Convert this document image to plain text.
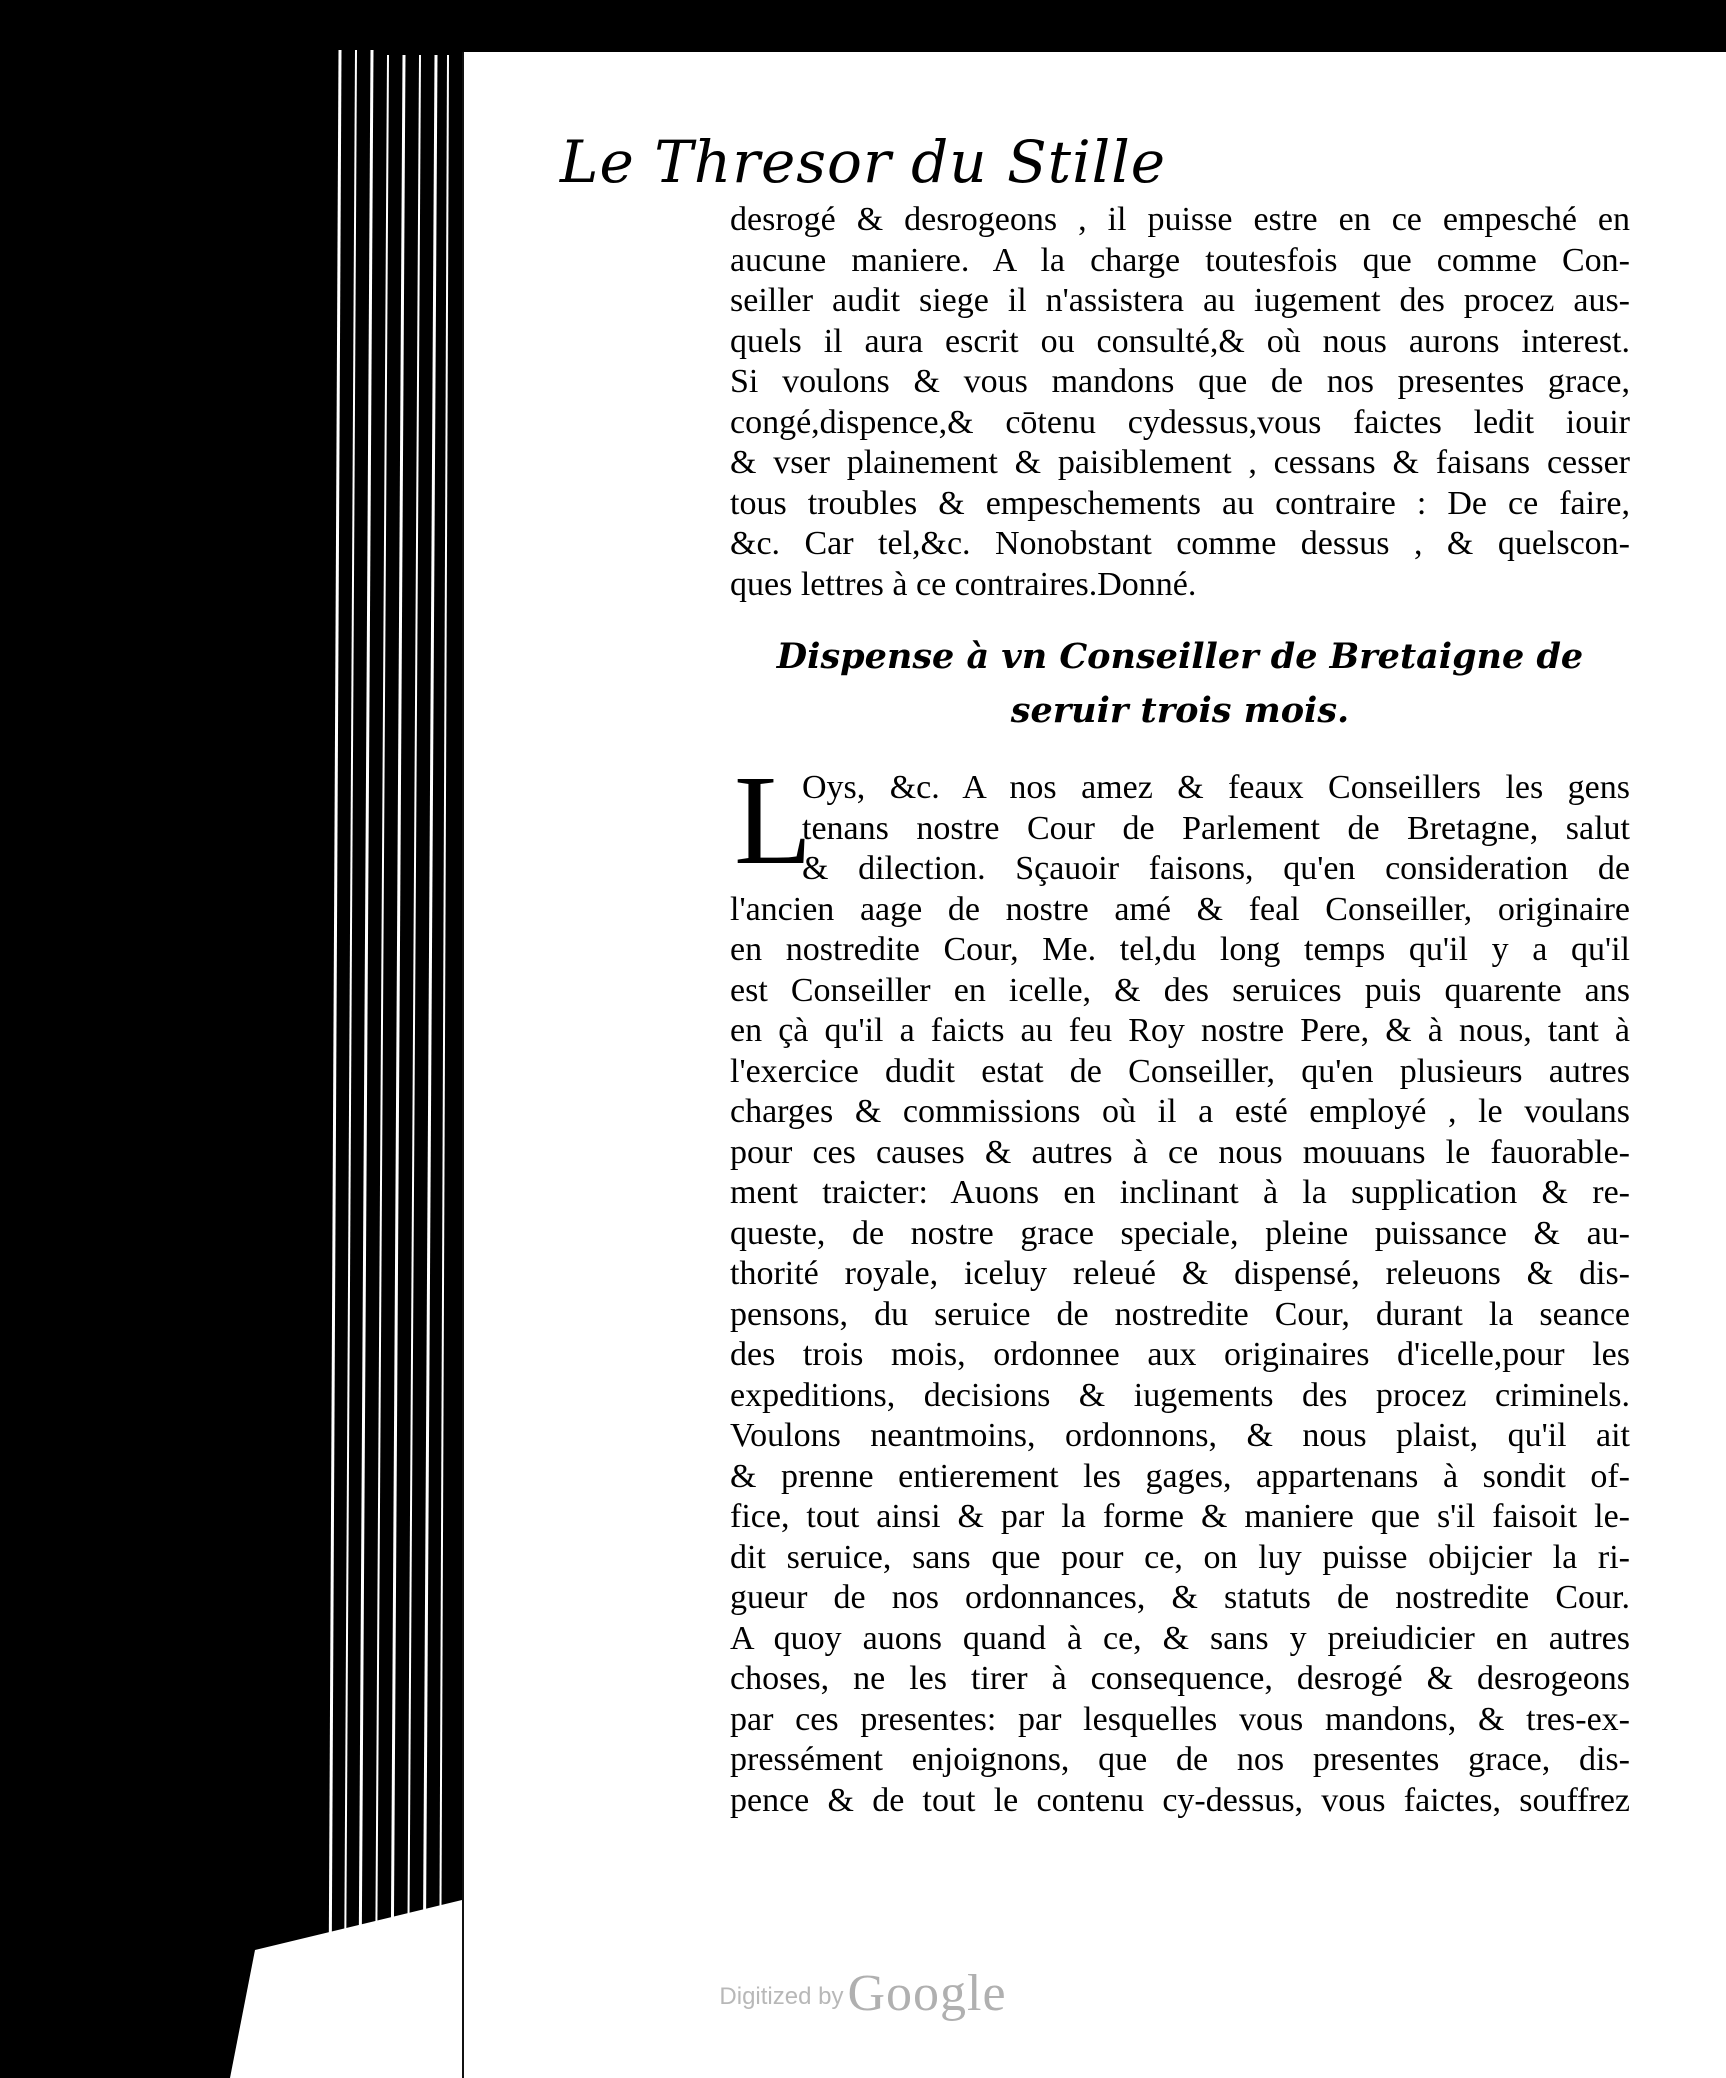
Le Thresor du Stille
desrogé & desrogeons , il puisse estre en ce empesché en
aucune maniere. A la charge toutesfois que comme Con-
seiller audit siege il n'assistera au iugement des procez aus-
quels il aura escrit ou consulté,& où nous aurons interest.
Si voulons & vous mandons que de nos presentes grace,
congé,dispence,& cōtenu cydessus,vous faictes ledit iouir
& vser plainement & paisiblement , cessans & faisans cesser
tous troubles & empeschements au contraire : De ce faire,
&c. Car tel,&c. Nonobstant comme dessus , & quelscon-
ques lettres à ce contraires.Donné.
Dispense à vn Conseiller de Bretaigne de
seruir trois mois.
L
Oys, &c. A nos amez & feaux Conseillers les gens
tenans nostre Cour de Parlement de Bretagne, salut
& dilection. Sçauoir faisons, qu'en consideration de
l'ancien aage de nostre amé & feal Conseiller, originaire
en nostredite Cour, Me. tel,du long temps qu'il y a qu'il
est Conseiller en icelle, & des seruices puis quarente ans
en çà qu'il a faicts au feu Roy nostre Pere, & à nous, tant à
l'exercice dudit estat de Conseiller, qu'en plusieurs autres
charges & commissions où il a esté employé , le voulans
pour ces causes & autres à ce nous mouuans le fauorable-
ment traicter: Auons en inclinant à la supplication & re-
queste, de nostre grace speciale, pleine puissance & au-
thorité royale, iceluy releué & dispensé, releuons & dis-
pensons, du seruice de nostredite Cour, durant la seance
des trois mois, ordonnee aux originaires d'icelle,pour les
expeditions, decisions & iugements des procez criminels.
Voulons neantmoins, ordonnons, & nous plaist, qu'il ait
& prenne entierement les gages, appartenans à sondit of-
fice, tout ainsi & par la forme & maniere que s'il faisoit le-
dit seruice, sans que pour ce, on luy puisse obijcier la ri-
gueur de nos ordonnances, & statuts de nostredite Cour.
A quoy auons quand à ce, & sans y preiudicier en autres
choses, ne les tirer à consequence, desrogé & desrogeons
par ces presentes: par lesquelles vous mandons, & tres-ex-
pressément enjoignons, que de nos presentes grace, dis-
pence & de tout le contenu cy-dessus, vous faictes, souffrez
Digitized by Google
